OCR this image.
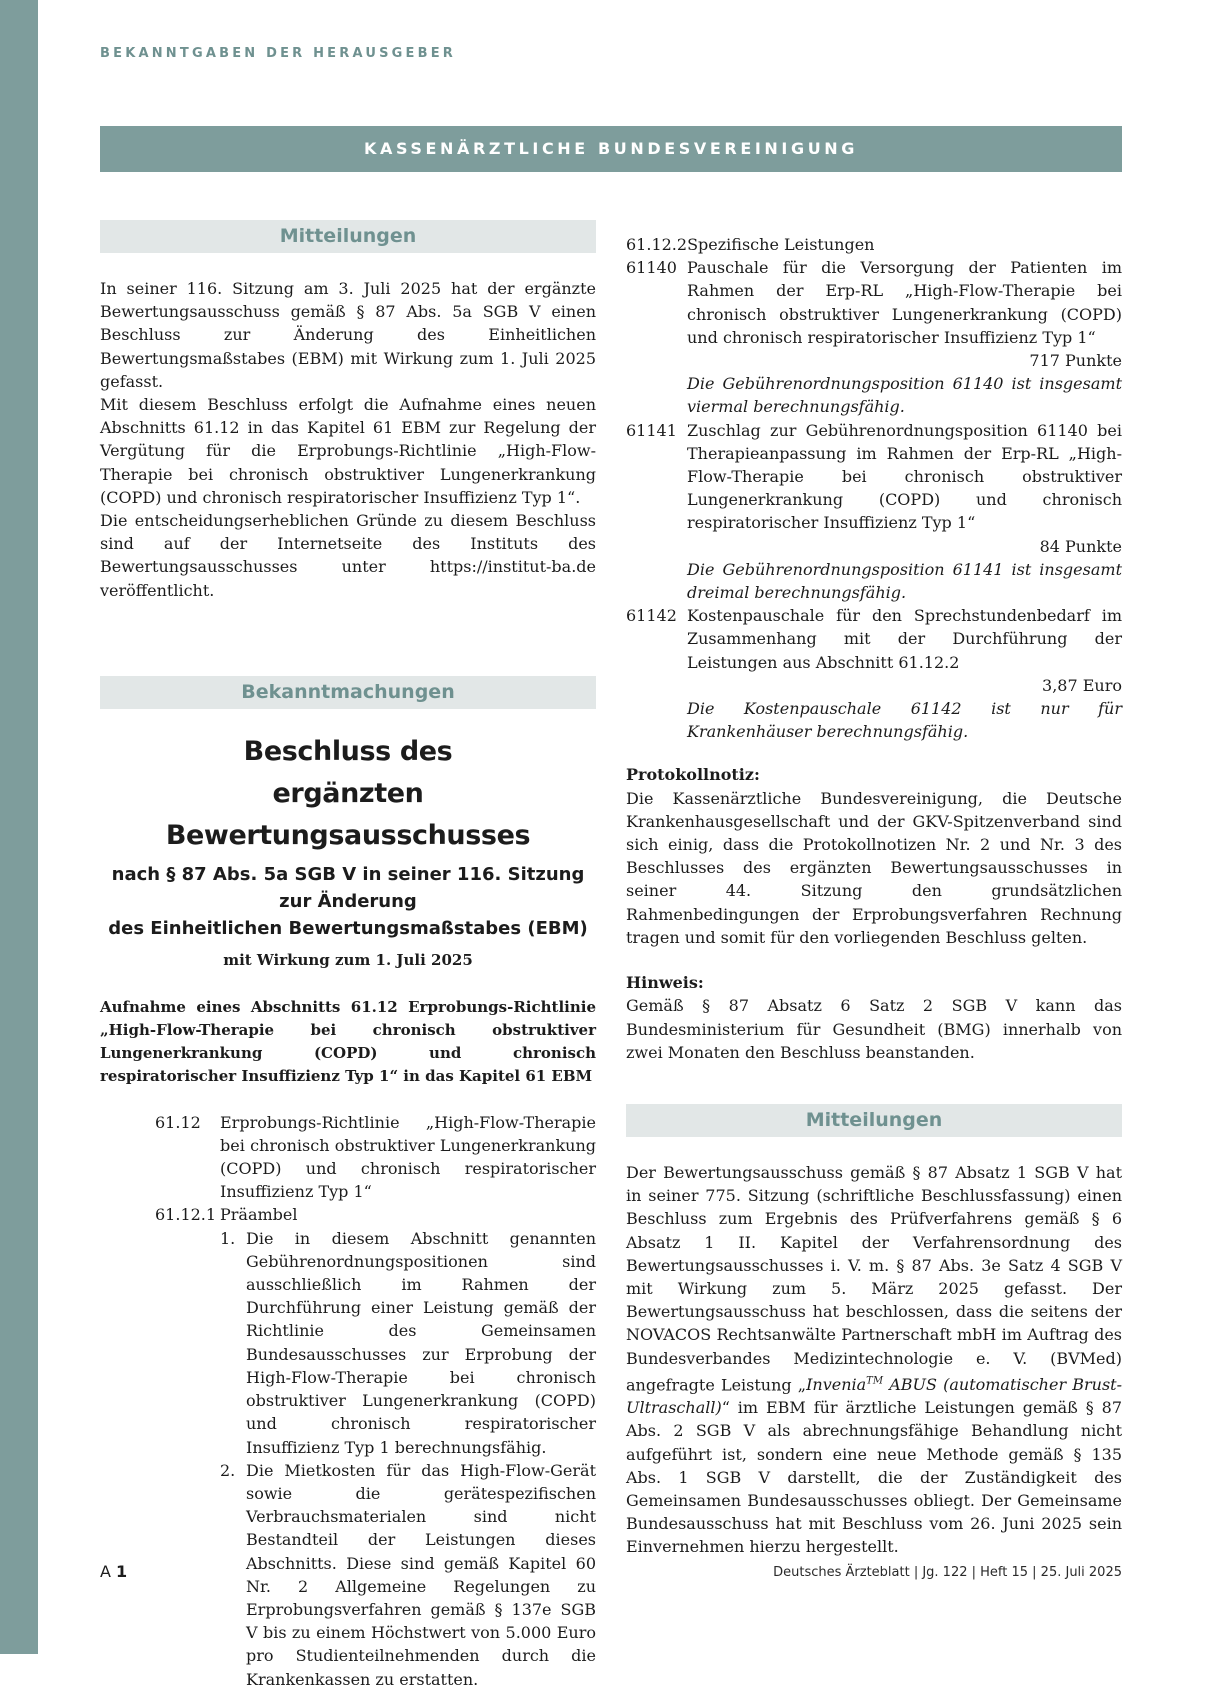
BEKANNTGABEN DER HERAUSGEBER
KASSENÄRZTLICHE BUNDESVEREINIGUNG
Mitteilungen

In seiner 116. Sitzung am 3. Juli 2025 hat der ergänzte Bewertungsausschuss gemäß § 87 Abs. 5a SGB V einen Beschluss zur Änderung des Einheitlichen Bewertungsmaßstabes (EBM) mit Wirkung zum 1. Juli 2025 gefasst.

Mit diesem Beschluss erfolgt die Aufnahme eines neuen Abschnitts 61.12 in das Kapitel 61 EBM zur Regelung der Vergütung für die Erprobungs-Richtlinie „High-Flow-Therapie bei chronisch obstruktiver Lungenerkrankung (COPD) und chronisch respiratorischer Insuffizienz Typ 1“.

Die entscheidungserheblichen Gründe zu diesem Beschluss sind auf der Internetseite des Instituts des Bewertungsausschusses unter https://institut-ba.de veröffentlicht.

Bekanntmachungen

Beschluss des

ergänzten Bewertungsausschusses

nach § 87 Abs. 5a SGB V in seiner 116. Sitzung

zur Änderung

des Einheitlichen Bewertungsmaßstabes (EBM)

mit Wirkung zum 1. Juli 2025

Aufnahme eines Abschnitts 61.12 Erprobungs-Richtlinie „High-Flow-Therapie bei chronisch obstruktiver Lungenerkrankung (COPD) und chronisch respiratorischer Insuffizienz Typ 1“ in das Kapitel 61 EBM

61.12	Erprobungs-Richtlinie „High-Flow-Therapie bei chronisch obstruktiver Lungenerkrankung (COPD) und chronisch respiratorischer Insuffizienz Typ 1“
61.12.1 Präambel
1. Die in diesem Abschnitt genannten Gebührenordnungspositionen sind ausschließlich im Rahmen der Durchführung einer Leistung gemäß der Richtlinie des Gemeinsamen Bundesausschusses zur Erprobung der High-Flow-Therapie bei chronisch obstruktiver Lungenerkrankung (COPD) und chronisch respiratorischer Insuffizienz Typ 1 berechnungsfähig.
2. Die Mietkosten für das High-Flow-Gerät sowie die gerätespezifischen Verbrauchsmaterialen sind nicht Bestandteil der Leistungen dieses Abschnitts. Diese sind gemäß Kapitel 60 Nr. 2 Allgemeine Regelungen zu Erprobungsverfahren gemäß § 137e SGB V bis zu einem Höchstwert von 5.000 Euro pro Studienteilnehmenden durch die Krankenkassen zu erstatten.
61.12.2 Spezifische Leistungen
61140 Pauschale für die Versorgung der Patienten im Rahmen der Erp-RL „High-Flow-Therapie bei chronisch obstruktiver Lungenerkrankung (COPD) und chronisch respiratorischer Insuffizienz Typ 1“
717 Punkte
Die Gebührenordnungsposition 61140 ist insgesamt viermal berechnungsfähig.
61141 Zuschlag zur Gebührenordnungsposition 61140 bei Therapieanpassung im Rahmen der Erp-RL „High-Flow-Therapie bei chronisch obstruktiver Lungenerkrankung (COPD) und chronisch respiratorischer Insuffizienz Typ 1“
84 Punkte
Die Gebührenordnungsposition 61141 ist insgesamt dreimal berechnungsfähig.
61142 Kostenpauschale für den Sprechstundenbedarf im Zusammenhang mit der Durchführung der Leistungen aus Abschnitt 61.12.2
3,87 Euro
Die Kostenpauschale 61142 ist nur für Krankenhäuser berechnungsfähig.

Protokollnotiz:

Die Kassenärztliche Bundesvereinigung, die Deutsche Krankenhausgesellschaft und der GKV-Spitzenverband sind sich einig, dass die Protokollnotizen Nr. 2 und Nr. 3 des Beschlusses des ergänzten Bewertungsausschusses in seiner 44. Sitzung den grundsätzlichen Rahmenbedingungen der Erprobungsverfahren Rechnung tragen und somit für den vorliegenden Beschluss gelten.

Hinweis:

Gemäß § 87 Absatz 6 Satz 2 SGB V kann das Bundesministerium für Gesundheit (BMG) innerhalb von zwei Monaten den Beschluss beanstanden.

Mitteilungen

Der Bewertungsausschuss gemäß § 87 Absatz 1 SGB V hat in seiner 775. Sitzung (schriftliche Beschlussfassung) einen Beschluss zum Ergebnis des Prüfverfahrens gemäß § 6 Absatz 1 II. Kapitel der Verfahrensordnung des Bewertungsausschusses i. V. m. § 87 Abs. 3e Satz 4 SGB V mit Wirkung zum 5. März 2025 gefasst. Der Bewertungsausschuss hat beschlossen, dass die seitens der NOVACOS Rechtsanwälte Partnerschaft mbH im Auftrag des Bundesverbandes Medizintechnologie e. V. (BVMed) angefragte Leistung „Invenia™ ABUS (automatischer Brust-Ultraschall)“ im EBM für ärztliche Leistungen gemäß § 87 Abs. 2 SGB V als abrechnungsfähige Behandlung nicht aufgeführt ist, sondern eine neue Methode gemäß § 135 Abs. 1 SGB V darstellt, die der Zuständigkeit des Gemeinsamen Bundesausschusses obliegt. Der Gemeinsame Bundesausschuss hat mit Beschluss vom 26. Juni 2025 sein Einvernehmen hierzu hergestellt.

A 1	Deutsches Ärzteblatt | Jg. 122 | Heft 15 | 25. Juli 2025
